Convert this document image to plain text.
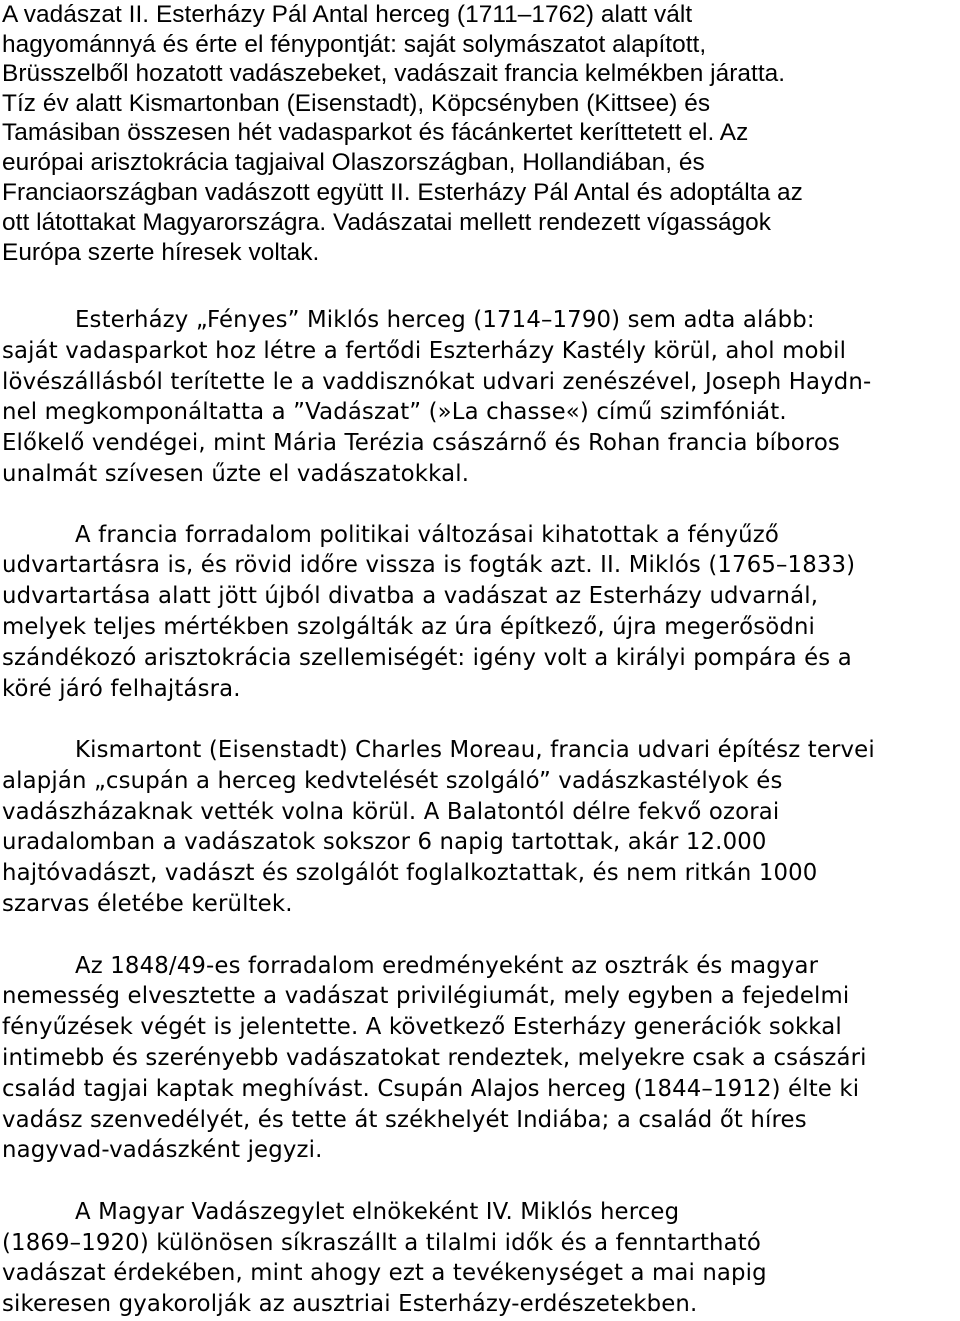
A vadászat II. Esterházy Pál Antal herceg (1711–1762) alatt vált
hagyománnyá és érte el fénypontját: saját solymászatot alapított,
Brüsszelből hozatott vadászebeket, vadászait francia kelmékben járatta.
Tíz év alatt Kismartonban (Eisenstadt), Köpcsényben (Kittsee) és
Tamásiban összesen hét vadasparkot és fácánkertet keríttetett el. Az
európai arisztokrácia tagjaival Olaszországban, Hollandiában, és
Franciaországban vadászott együtt II. Esterházy Pál Antal és adoptálta az
ott látottakat Magyarországra. Vadászatai mellett rendezett vígasságok
Európa szerte híresek voltak.
Esterházy „Fényes” Miklós herceg (1714–1790) sem adta alább:
saját vadasparkot hoz létre a fertődi Eszterházy Kastély körül, ahol mobil
lövészállásból terítette le a vaddisznókat udvari zenészével, Joseph Haydn-
nel megkomponáltatta a ”Vadászat” (»La chasse«) című szimfóniát.
Előkelő vendégei, mint Mária Terézia császárnő és Rohan francia bíboros
unalmát szívesen űzte el vadászatokkal.
A francia forradalom politikai változásai kihatottak a fényűző
udvartartásra is, és rövid időre vissza is fogták azt. II. Miklós (1765–1833)
udvartartása alatt jött újból divatba a vadászat az Esterházy udvarnál,
melyek teljes mértékben szolgálták az úra építkező, újra megerősödni
szándékozó arisztokrácia szellemiségét: igény volt a királyi pompára és a
köré járó felhajtásra.
Kismartont (Eisenstadt) Charles Moreau, francia udvari építész tervei
alapján „csupán a herceg kedvtelését szolgáló” vadászkastélyok és
vadászházaknak vették volna körül. A Balatontól délre fekvő ozorai
uradalomban a vadászatok sokszor 6 napig tartottak, akár 12.000
hajtóvadászt, vadászt és szolgálót foglalkoztattak, és nem ritkán 1000
szarvas életébe kerültek.
Az 1848/49-es forradalom eredményeként az osztrák és magyar
nemesség elvesztette a vadászat privilégiumát, mely egyben a fejedelmi
fényűzések végét is jelentette. A következő Esterházy generációk sokkal
intimebb és szerényebb vadászatokat rendeztek, melyekre csak a császári
család tagjai kaptak meghívást. Csupán Alajos herceg (1844–1912) élte ki
vadász szenvedélyét, és tette át székhelyét Indiába; a család őt híres
nagyvad-vadászként jegyzi.
A Magyar Vadászegylet elnökeként IV. Miklós herceg
(1869–1920) különösen síkraszállt a tilalmi idők és a fenntartható
vadászat érdekében, mint ahogy ezt a tevékenységet a mai napig
sikeresen gyakorolják az ausztriai Esterházy-erdészetekben.
